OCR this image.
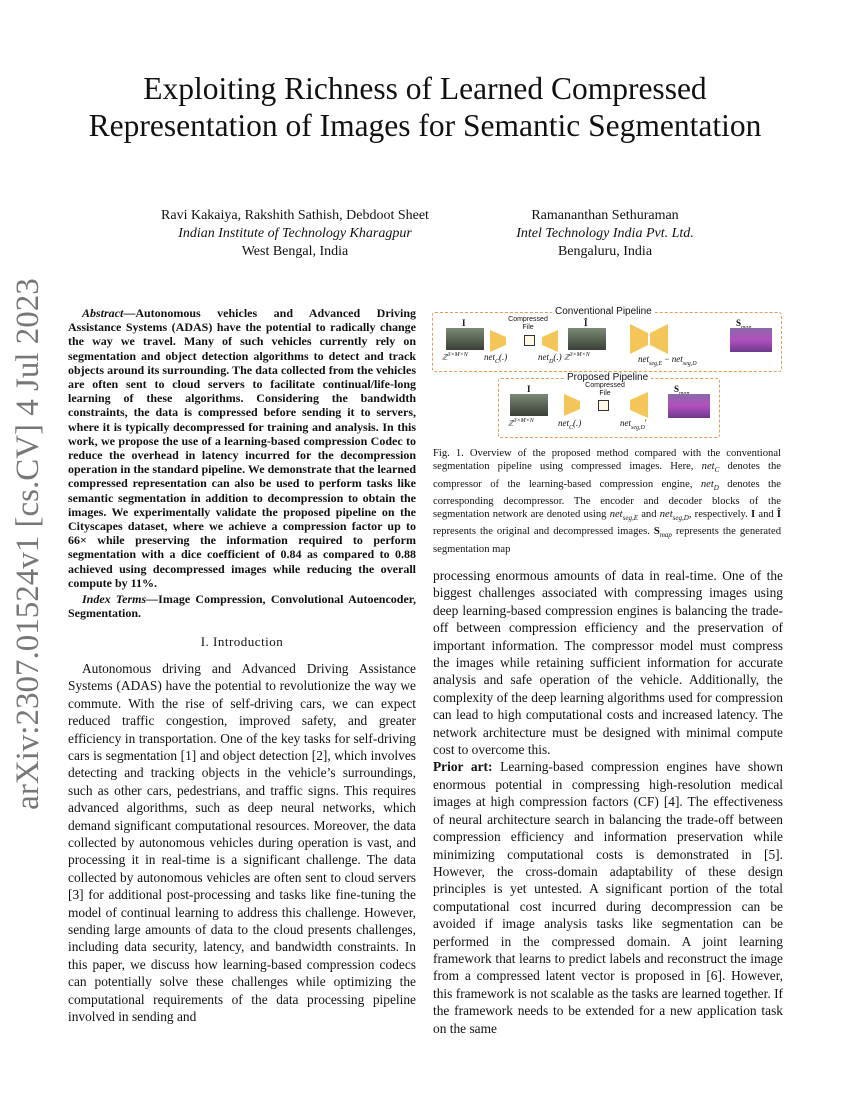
arXiv:2307.01524v1 [cs.CV] 4 Jul 2023
Exploiting Richness of Learned Compressed Representation of Images for Semantic Segmentation
Ravi Kakaiya, Rakshith Sathish, Debdoot Sheet
Indian Institute of Technology Kharagpur
West Bengal, India
Ramananthan Sethuraman
Intel Technology India Pvt. Ltd.
Bengaluru, India

Abstract—Autonomous vehicles and Advanced Driving Assistance Systems (ADAS) have the potential to radically change the way we travel. Many of such vehicles currently rely on segmentation and object detection algorithms to detect and track objects around its surrounding. The data collected from the vehicles are often sent to cloud servers to facilitate continual/life-long learning of these algorithms. Considering the bandwidth constraints, the data is compressed before sending it to servers, where it is typically decompressed for training and analysis. In this work, we propose the use of a learning-based compression Codec to reduce the overhead in latency incurred for the decompression operation in the standard pipeline. We demonstrate that the learned compressed representation can also be used to perform tasks like semantic segmentation in addition to decompression to obtain the images. We experimentally validate the proposed pipeline on the Cityscapes dataset, where we achieve a compression factor up to 66× while preserving the information required to perform segmentation with a dice coefficient of 0.84 as compared to 0.88 achieved using decompressed images while reducing the overall compute by 11%.

Index Terms—Image Compression, Convolutional Autoencoder, Segmentation.

I. Introduction

Autonomous driving and Advanced Driving Assistance Systems (ADAS) have the potential to revolutionize the way we commute. With the rise of self-driving cars, we can expect reduced traffic congestion, improved safety, and greater efficiency in transportation. One of the key tasks for self-driving cars is segmentation [1] and object detection [2], which involves detecting and tracking objects in the vehicle’s surroundings, such as other cars, pedestrians, and traffic signs. This requires advanced algorithms, such as deep neural networks, which demand significant computational resources. Moreover, the data collected by autonomous vehicles during operation is vast, and processing it in real-time is a significant challenge. The data collected by autonomous vehicles are often sent to cloud servers [3] for additional post-processing and tasks like fine-tuning the model of continual learning to address this challenge. However, sending large amounts of data to the cloud presents challenges, including data security, latency, and bandwidth constraints. In this paper, we discuss how learning-based compression codecs can potentially solve these challenges while optimizing the computational requirements of the data processing pipeline involved in sending and

Conventional Pipeline
I
ℤ$^{3\times M\times N}$ net$_C$(.)
Compressed File
net$_D$(.)
Î
ℤ$^{3\times M\times N}$	net$_{seg,E}$ − net$_{seg,D}$
S
Proposed Pipeline
I
ℤ$^{3\times M\times N}$	net$_C$(.)
Compressed File
net$_{seg,D}$′
S
Fig. 1. Overview of the proposed method compared with the conventional segmentation pipeline using compressed images. Here, net$_C$ denotes the compressor of the learning-based compression engine, net$_D$ denotes the corresponding decompressor. The encoder and decoder blocks of the segmentation network are denoted using net$_{seg,E}$ and net$_{seg,D}$, respectively. I and Î represents the original and decompressed images. $S_{map}$ represents the generated segmentation map

processing enormous amounts of data in real-time. One of the biggest challenges associated with compressing images using deep learning-based compression engines is balancing the trade-off between compression efficiency and the preservation of important information. The compressor model must compress the images while retaining sufficient information for accurate analysis and safe operation of the vehicle. Additionally, the complexity of the deep learning algorithms used for compression can lead to high computational costs and increased latency. The network architecture must be designed with minimal compute cost to overcome this.

Prior art: Learning-based compression engines have shown enormous potential in compressing high-resolution medical images at high compression factors (CF) [4]. The effectiveness of neural architecture search in balancing the trade-off between compression efficiency and information preservation while minimizing computational costs is demonstrated in [5]. However, the cross-domain adaptability of these design principles is yet untested. A significant portion of the total computational cost incurred during decompression can be avoided if image analysis tasks like segmentation can be performed in the compressed domain. A joint learning framework that learns to predict labels and reconstruct the image from a compressed latent vector is proposed in [6]. However, this framework is not scalable as the tasks are learned together. If the framework needs to be extended for a new application task on the same
